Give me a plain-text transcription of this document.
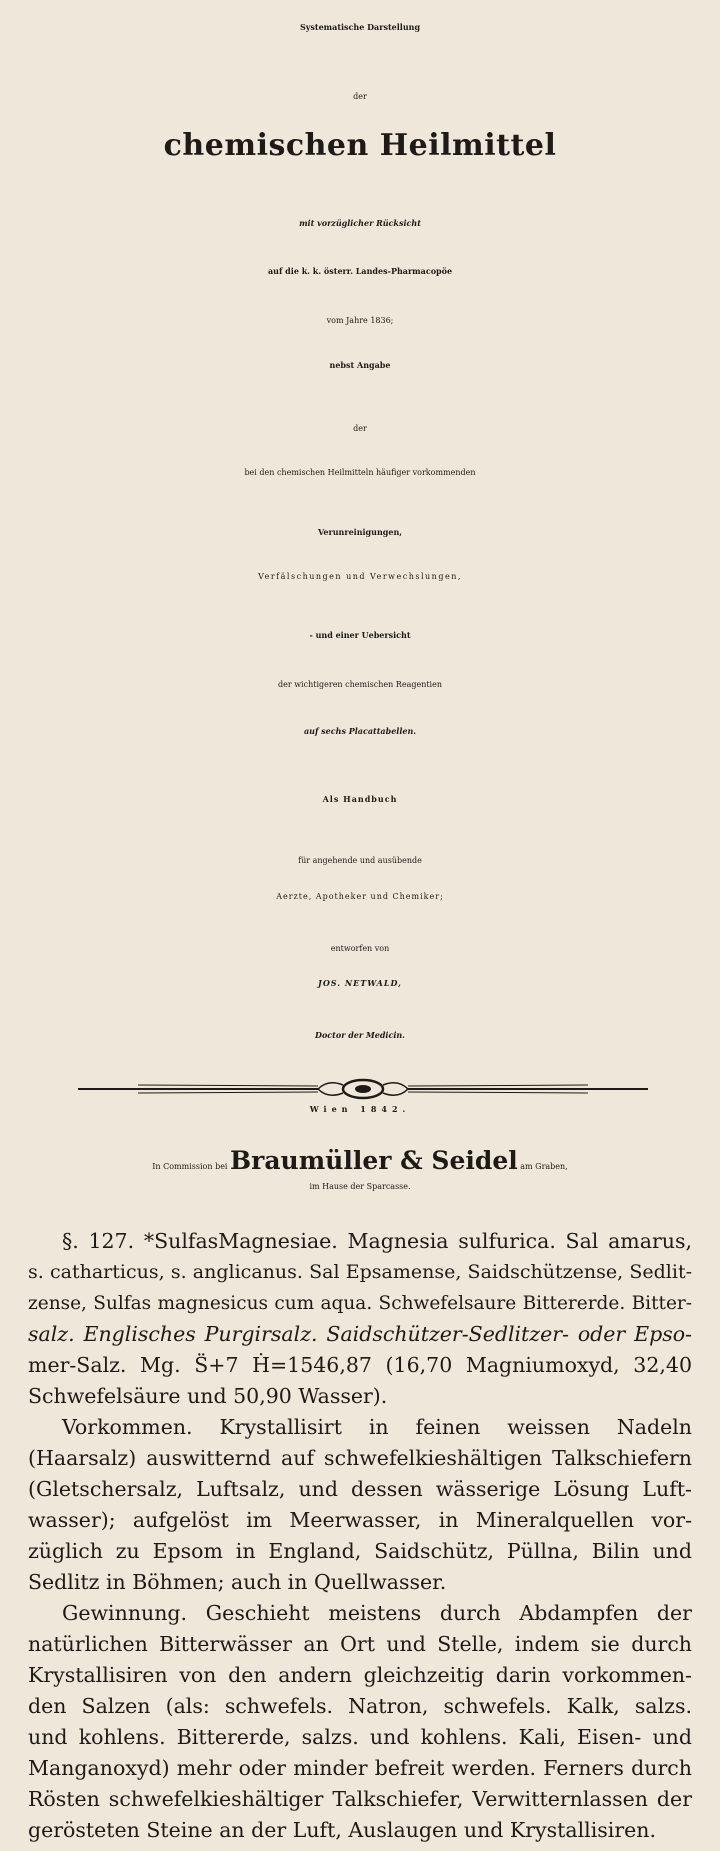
Systematische Darstellung
der
chemischen Heilmittel
mit vorzüglicher Rücksicht
auf die k. k. österr. Landes-Pharmacopöe
vom Jahre 1836;
nebst Angabe
der
bei den chemischen Heilmitteln häufiger vorkommenden
Verunreinigungen,
Verfälschungen und Verwechslungen,
- und einer Uebersicht
der wichtigeren chemischen Reagentien
auf sechs Placattabellen.
Als Handbuch
für angehende und ausübende
Aerzte, Apotheker und Chemiker;
entworfen von
JOS. NETWALD,
Doctor der Medicin.
Wien 1842.
In Commission bei Braumüller & Seidel am Graben,
im Hause der Sparcasse.
§. 127. *SulfasMagnesiae. Magnesia sulfurica. Sal amarus,
s. catharticus, s. anglicanus. Sal Epsamense, Saidschützense, Sedlit-
zense, Sulfas magnesicus cum aqua. Schwefelsaure Bittererde. Bitter-
salz. Englisches Purgirsalz. Saidschützer-Sedlitzer- oder Epso-
mer-Salz. Mg. S̈+7 Ḣ=1546,87 (16,70 Magniumoxyd, 32,40
Schwefelsäure und 50,90 Wasser).
Vorkommen. Krystallisirt in feinen weissen Nadeln
(Haarsalz) auswitternd auf schwefelkieshältigen Talkschiefern
(Gletschersalz, Luftsalz, und dessen wässerige Lösung Luft-
wasser); aufgelöst im Meerwasser, in Mineralquellen vor-
züglich zu Epsom in England, Saidschütz, Püllna, Bilin und
Sedlitz in Böhmen; auch in Quellwasser.
Gewinnung. Geschieht meistens durch Abdampfen der
natürlichen Bitterwässer an Ort und Stelle, indem sie durch
Krystallisiren von den andern gleichzeitig darin vorkommen-
den Salzen (als: schwefels. Natron, schwefels. Kalk, salzs.
und kohlens. Bittererde, salzs. und kohlens. Kali, Eisen- und
Manganoxyd) mehr oder minder befreit werden. Ferners durch
Rösten schwefelkieshältiger Talkschiefer, Verwitternlassen der
gerösteten Steine an der Luft, Auslaugen und Krystallisiren.
